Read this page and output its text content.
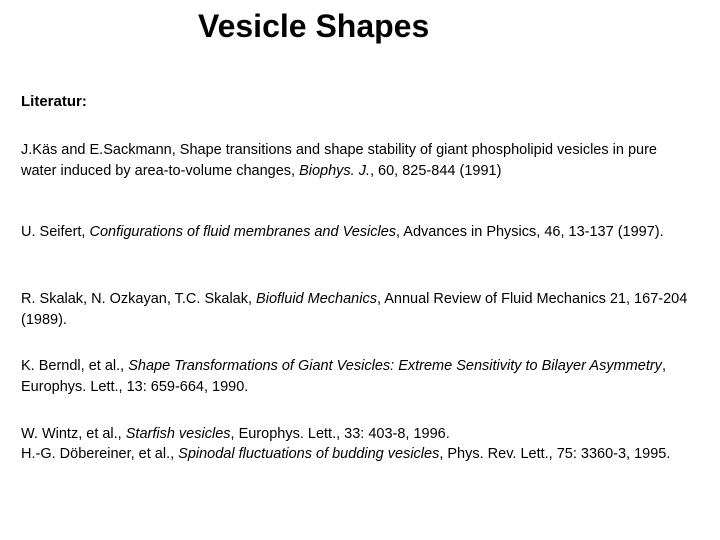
Vesicle Shapes
Literatur:

J.Käs and E.Sackmann, Shape transitions and shape stability of giant phospholipid vesicles in pure water induced by area-to-volume changes, Biophys. J., 60, 825-844 (1991)

U. Seifert, Configurations of fluid membranes and Vesicles, Advances in Physics, 46, 13-137 (1997).

R. Skalak, N. Ozkayan, T.C. Skalak, Biofluid Mechanics, Annual Review of Fluid Mechanics 21, 167-204 (1989).

K. Berndl, et al., Shape Transformations of Giant Vesicles: Extreme Sensitivity to Bilayer Asymmetry, Europhys. Lett., 13: 659-664, 1990.

W. Wintz, et al., Starfish vesicles, Europhys. Lett., 33: 403-8, 1996.

H.-G. Döbereiner, et al., Spinodal fluctuations of budding vesicles, Phys. Rev. Lett., 75: 3360-3, 1995.
